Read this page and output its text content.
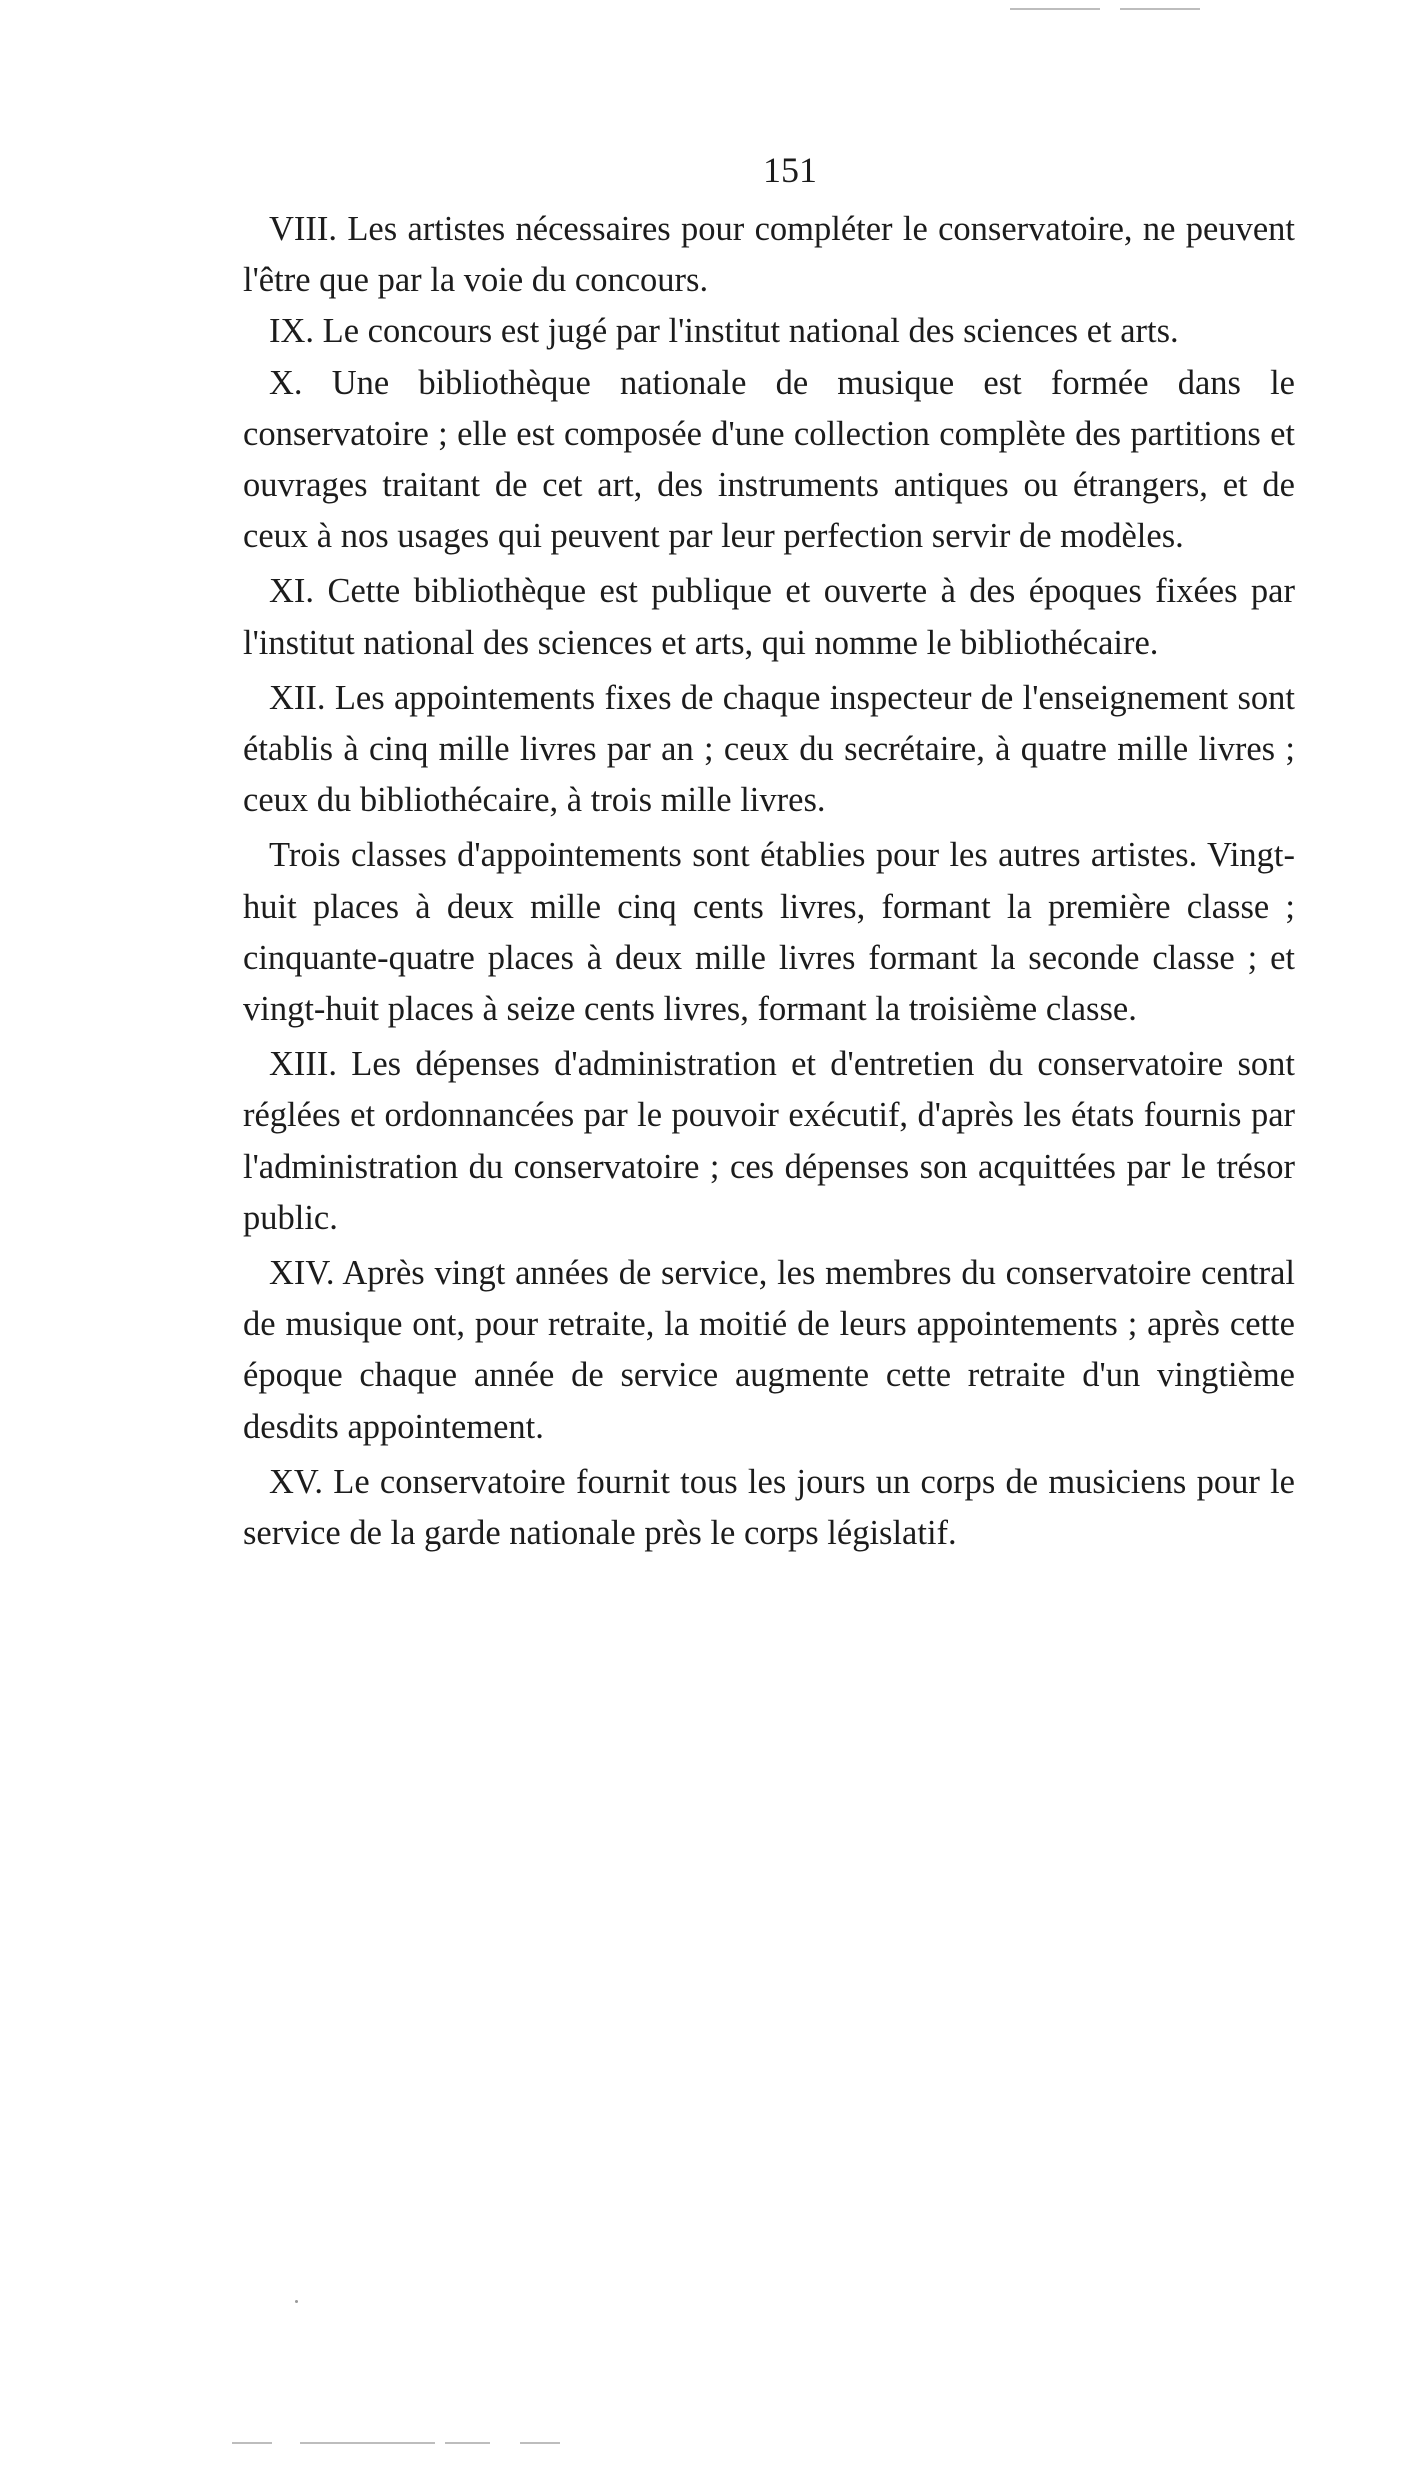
151

VIII. Les artistes nécessaires pour compléter le conservatoire, ne peuvent l'être que par la voie du concours.

IX. Le concours est jugé par l'institut national des sciences et arts.

X. Une bibliothèque nationale de musique est formée dans le conservatoire ; elle est composée d'une collection complète des partitions et ouvrages traitant de cet art, des instruments antiques ou étrangers, et de ceux à nos usages qui peuvent par leur perfection servir de modèles.

XI. Cette bibliothèque est publique et ouverte à des époques fixées par l'institut national des sciences et arts, qui nomme le bibliothécaire.

XII. Les appointements fixes de chaque inspecteur de l'enseignement sont établis à cinq mille livres par an ; ceux du secrétaire, à quatre mille livres ; ceux du bibliothécaire, à trois mille livres.

Trois classes d'appointements sont établies pour les autres artistes. Vingt-huit places à deux mille cinq cents livres, formant la première classe ; cinquante-quatre places à deux mille livres formant la seconde classe ; et vingt-huit places à seize cents livres, formant la troisième classe.

XIII. Les dépenses d'administration et d'entretien du conservatoire sont réglées et ordonnancées par le pouvoir exécutif, d'après les états fournis par l'administration du conservatoire ; ces dépenses son acquittées par le trésor public.

XIV. Après vingt années de service, les membres du conservatoire central de musique ont, pour retraite, la moitié de leurs appointements ; après cette époque chaque année de service augmente cette retraite d'un vingtième desdits appointement.

XV. Le conservatoire fournit tous les jours un corps de musiciens pour le service de la garde nationale près le corps législatif.
